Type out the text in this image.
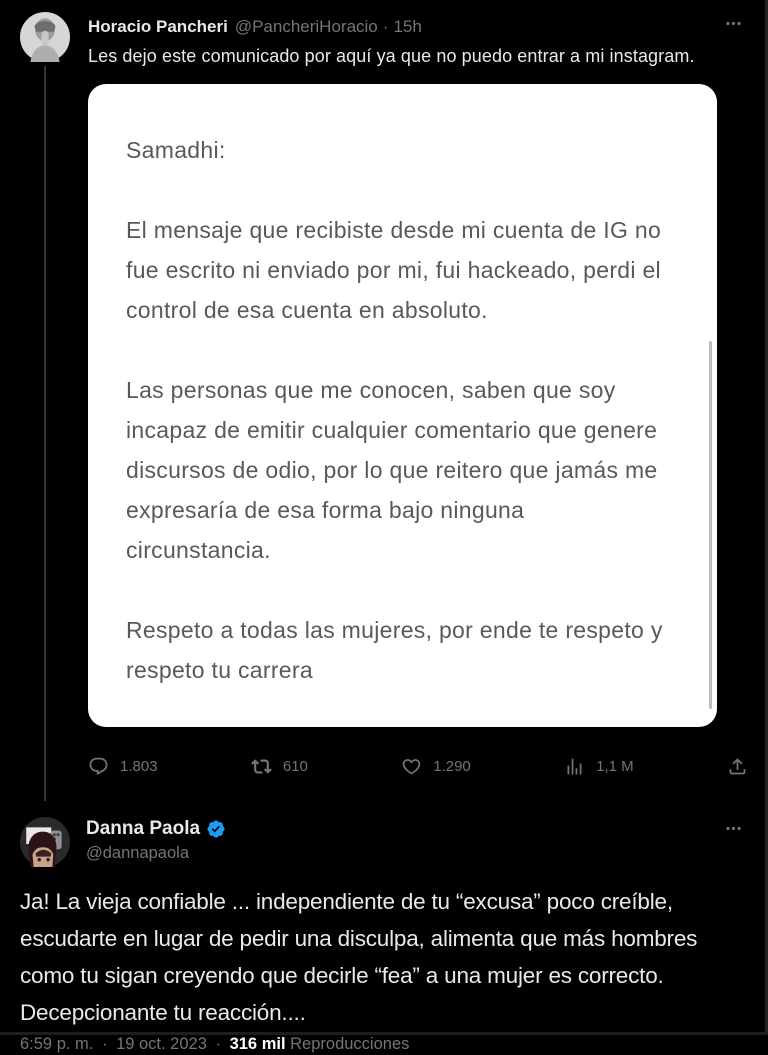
Horacio Pancheri @PancheriHoracio · 15h
Les dejo este comunicado por aquí ya que no puedo entrar a mi instagram.

Samadhi:

El mensaje que recibiste desde mi cuenta de IG no fue escrito ni enviado por mi, fui hackeado, perdi el control de esa cuenta en absoluto.

Las personas que me conocen, saben que soy incapaz de emitir cualquier comentario que genere discursos de odio, por lo que reitero que jamás me expresaría de esa forma bajo ninguna circunstancia.

Respeto a todas las mujeres, por ende te respeto y respeto tu carrera

1.803	610	1.290	1,1 M
Danna Paola
@dannapaola
Ja! La vieja confiable ... independiente de tu “excusa” poco creíble, escudarte en lugar de pedir una disculpa, alimenta que más hombres como tu sigan creyendo que decirle “fea” a una mujer es correcto. Decepcionante tu reacción....
6:59 p. m. · 19 oct. 2023 · 316 mil Reproducciones
